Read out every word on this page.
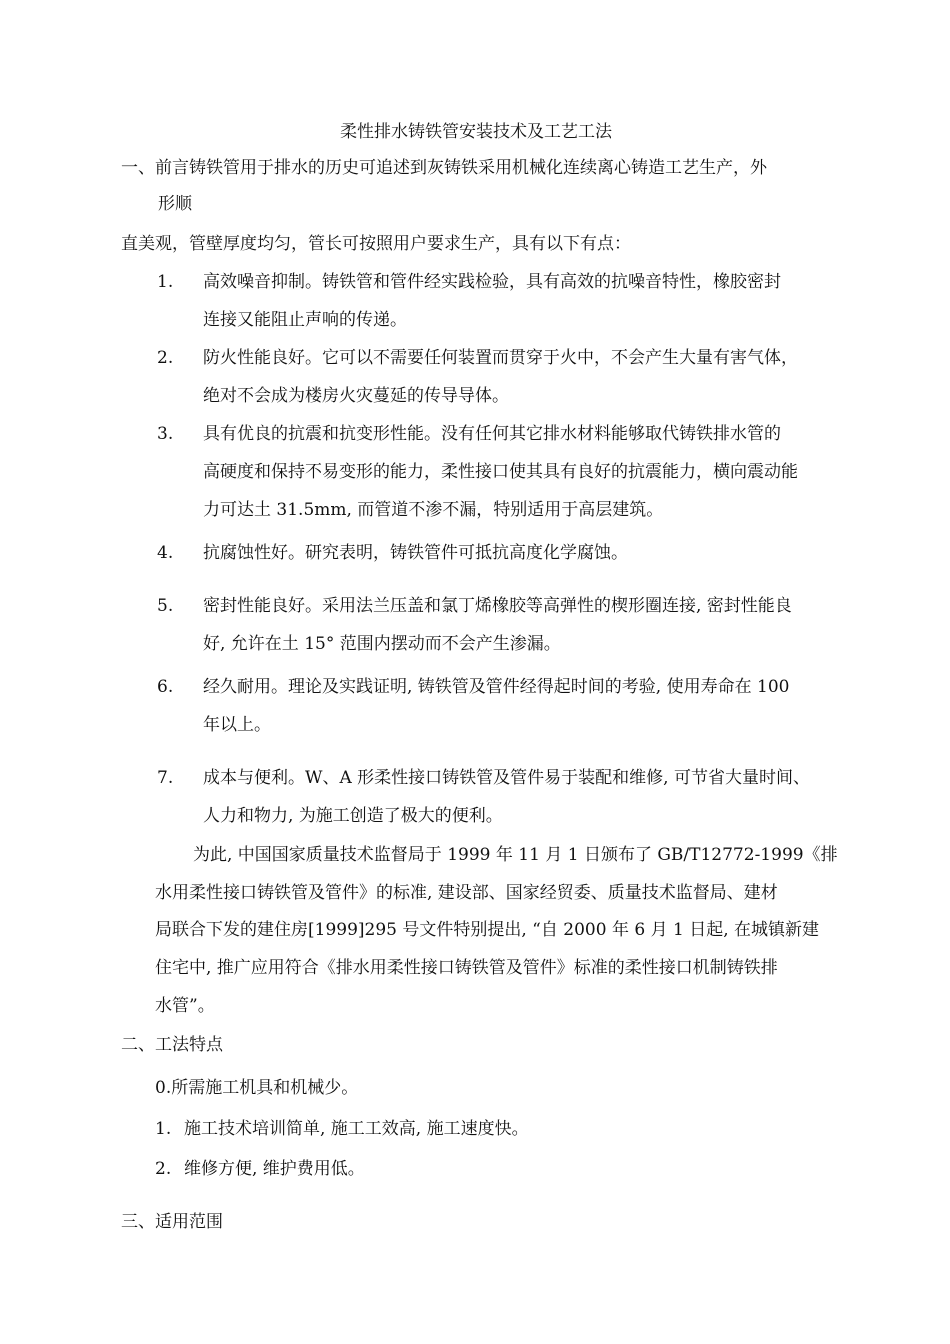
柔性排水铸铁管安装技术及工艺工法
一、前言铸铁管用于排水的历史可追述到灰铸铁采用机械化连续离心铸造工艺生产，外
形顺
直美观，管壁厚度均匀，管长可按照用户要求生产，具有以下有点：
1. 高效噪音抑制。铸铁管和管件经实践检验，具有高效的抗噪音特性，橡胶密封
连接又能阻止声响的传递。
2. 防火性能良好。它可以不需要任何装置而贯穿于火中，不会产生大量有害气体，
绝对不会成为楼房火灾蔓延的传导导体。
3. 具有优良的抗震和抗变形性能。没有任何其它排水材料能够取代铸铁排水管的
高硬度和保持不易变形的能力，柔性接口使其具有良好的抗震能力，横向震动能
力可达土 31.5mm, 而管道不渗不漏，特别适用于高层建筑。
4. 抗腐蚀性好。研究表明，铸铁管件可抵抗高度化学腐蚀。
5. 密封性能良好。采用法兰压盖和氯丁烯橡胶等高弹性的楔形圈连接, 密封性能良
好, 允许在土 15° 范围内摆动而不会产生渗漏。
6. 经久耐用。理论及实践证明, 铸铁管及管件经得起时间的考验, 使用寿命在 100
年以上。
7. 成本与便利。W、A 形柔性接口铸铁管及管件易于装配和维修, 可节省大量时间、
人力和物力, 为施工创造了极大的便利。
为此, 中国国家质量技术监督局于 1999 年 11 月 1 日颁布了 GB/T12772-1999《排
水用柔性接口铸铁管及管件》的标准, 建设部、国家经贸委、质量技术监督局、建材
局联合下发的建住房[1999]295 号文件特别提出, “自 2000 年 6 月 1 日起, 在城镇新建
住宅中, 推广应用符合《排水用柔性接口铸铁管及管件》标准的柔性接口机制铸铁排
水管”。
二、工法特点
0.所需施工机具和机械少。
1. 施工技术培训简单, 施工工效高, 施工速度快。
2. 维修方便, 维护费用低。
三、适用范围
